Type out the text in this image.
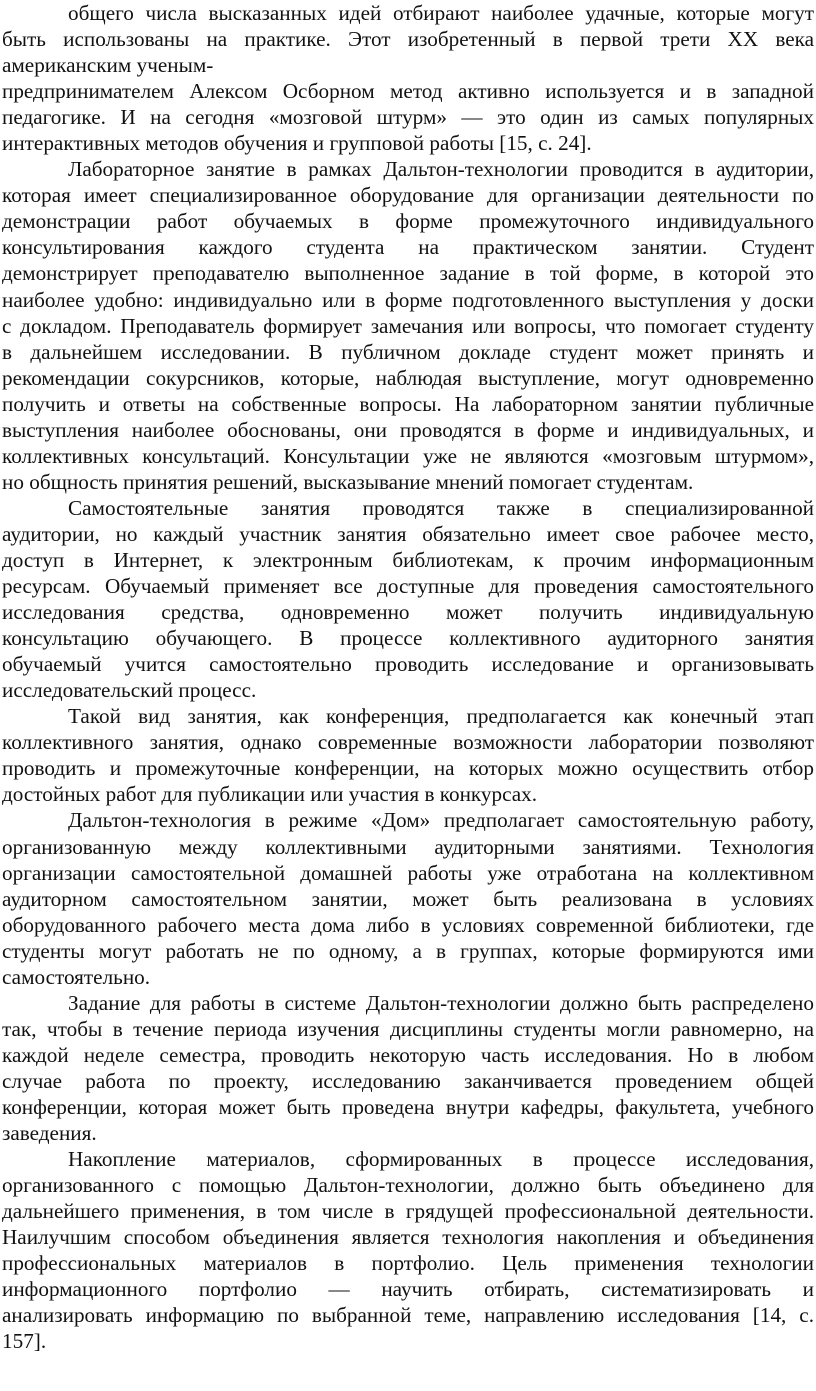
общего числа высказанных идей отбирают наиболее удачные, которые могут
быть использованы на практике. Этот изобретенный в первой трети XX века
американским ученым-
предпринимателем Алексом Осборном метод активно используется и в западной
педагогике. И на сегодня «мозговой штурм» — это один из самых популярных
интерактивных методов обучения и групповой работы [15, с. 24].

Лабораторное занятие в рамках Дальтон-технологии проводится в аудитории,
которая имеет специализированное оборудование для организации деятельности по
демонстрации работ обучаемых в форме промежуточного индивидуального
консультирования каждого студента на практическом занятии. Студент
демонстрирует преподавателю выполненное задание в той форме, в которой это
наиболее удобно: индивидуально или в форме подготовленного выступления у доски
с докладом. Преподаватель формирует замечания или вопросы, что помогает студенту
в дальнейшем исследовании. В публичном докладе студент может принять и
рекомендации сокурсников, которые, наблюдая выступление, могут одновременно
получить и ответы на собственные вопросы. На лабораторном занятии публичные
выступления наиболее обоснованы, они проводятся в форме и индивидуальных, и
коллективных консультаций. Консультации уже не являются «мозговым штурмом»,
но общность принятия решений, высказывание мнений помогает студентам.

Самостоятельные занятия проводятся также в специализированной
аудитории, но каждый участник занятия обязательно имеет свое рабочее место,
доступ в Интернет, к электронным библиотекам, к прочим информационным
ресурсам. Обучаемый применяет все доступные для проведения самостоятельного
исследования средства, одновременно может получить индивидуальную
консультацию обучающего. В процессе коллективного аудиторного занятия
обучаемый учится самостоятельно проводить исследование и организовывать
исследовательский процесс.

Такой вид занятия, как конференция, предполагается как конечный этап
коллективного занятия, однако современные возможности лаборатории позволяют
проводить и промежуточные конференции, на которых можно осуществить отбор
достойных работ для публикации или участия в конкурсах.

Дальтон-технология в режиме «Дом» предполагает самостоятельную работу,
организованную между коллективными аудиторными занятиями. Технология
организации самостоятельной домашней работы уже отработана на коллективном
аудиторном самостоятельном занятии, может быть реализована в условиях
оборудованного рабочего места дома либо в условиях современной библиотеки, где
студенты могут работать не по одному, а в группах, которые формируются ими
самостоятельно.

Задание для работы в системе Дальтон-технологии должно быть распределено
так, чтобы в течение периода изучения дисциплины студенты могли равномерно, на
каждой неделе семестра, проводить некоторую часть исследования. Но в любом
случае работа по проекту, исследованию заканчивается проведением общей
конференции, которая может быть проведена внутри кафедры, факультета, учебного
заведения.

Накопление материалов, сформированных в процессе исследования,
организованного с помощью Дальтон-технологии, должно быть объединено для
дальнейшего применения, в том числе в грядущей профессиональной деятельности.
Наилучшим способом объединения является технология накопления и объединения
профессиональных материалов в портфолио. Цель применения технологии
информационного портфолио — научить отбирать, систематизировать и
анализировать информацию по выбранной теме, направлению исследования [14, с.
157].
